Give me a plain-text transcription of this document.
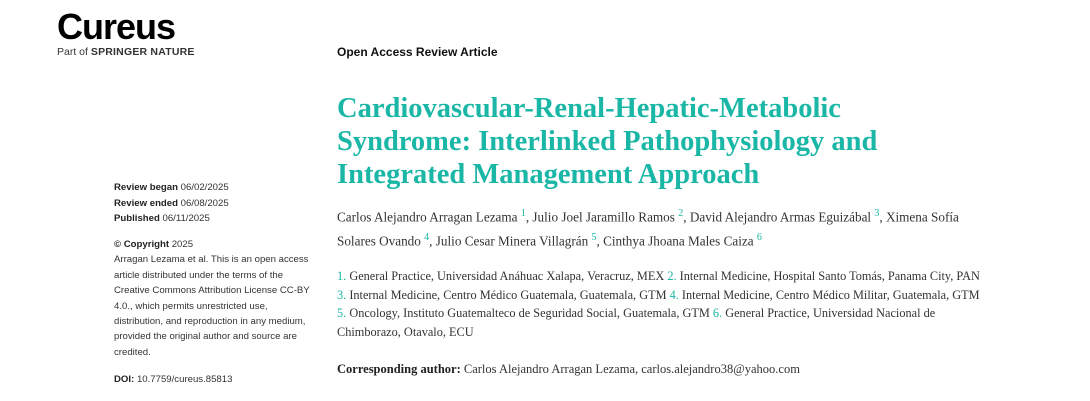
Cureus
Part of SPRINGER NATURE	Open Access Review Article
Cardiovascular-Renal-Hepatic-Metabolic Syndrome: Interlinked Pathophysiology and Integrated Management Approach
Carlos Alejandro Arragan Lezama $^1$, Julio Joel Jaramillo Ramos $^2$, David Alejandro Armas Eguizábal $^3$, Ximena Sofía Solares Ovando $^4$, Julio Cesar Minera Villagrán $^5$, Cinthya Jhoana Males Caiza $^6$
1. General Practice, Universidad Anáhuac Xalapa, Veracruz, MEX 2. Internal Medicine, Hospital Santo Tomás, Panama City, PAN 3. Internal Medicine, Centro Médico Guatemala, Guatemala, GTM 4. Internal Medicine, Centro Médico Militar, Guatemala, GTM 5. Oncology, Instituto Guatemalteco de Seguridad Social, Guatemala, GTM 6. General Practice, Universidad Nacional de Chimborazo, Otavalo, ECU
Corresponding author: Carlos Alejandro Arragan Lezama, carlos.alejandro38@yahoo.com
Review began 06/02/2025
Review ended 06/08/2025
Published 06/11/2025
© Copyright 2025
Arragan Lezama et al. This is an open access article distributed under the terms of the Creative Commons Attribution License CC-BY 4.0., which permits unrestricted use, distribution, and reproduction in any medium, provided the original author and source are credited.
DOI: 10.7759/cureus.85813
